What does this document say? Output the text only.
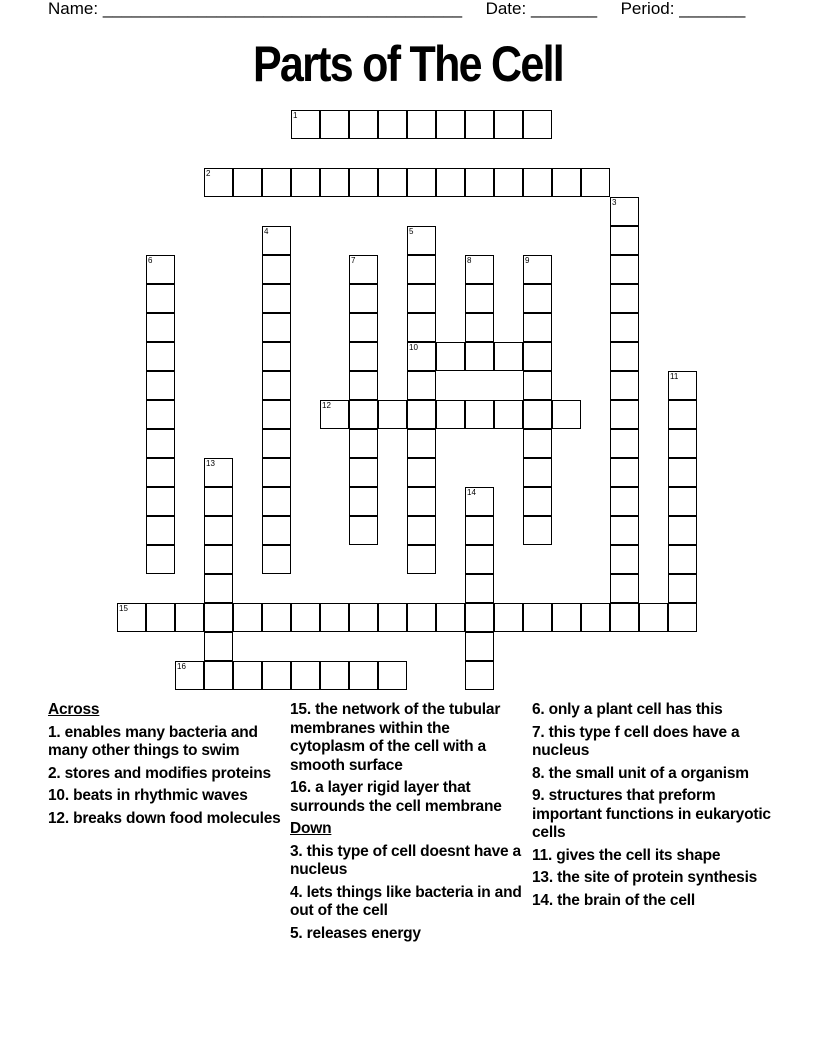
Name: ______________________________________ Date: _______ Period: _______
Parts of The Cell
1
2
3
4	5
10
6	7	8	9
11
12
13
14
15
16
Across
1. enables many bacteria and many other things to swim
2. stores and modifies proteins
10. beats in rhythmic waves
12. breaks down food molecules
15. the network of the tubular membranes within the cytoplasm of the cell with a smooth surface
16. a layer rigid layer that surrounds the cell membrane
Down
3. this type of cell doesnt have a nucleus
4. lets things like bacteria in and out of the cell
5. releases energy
6. only a plant cell has this
7. this type f cell does have a nucleus
8. the small unit of a organism
9. structures that preform important functions in eukaryotic cells
11. gives the cell its shape
13. the site of protein synthesis
14. the brain of the cell
